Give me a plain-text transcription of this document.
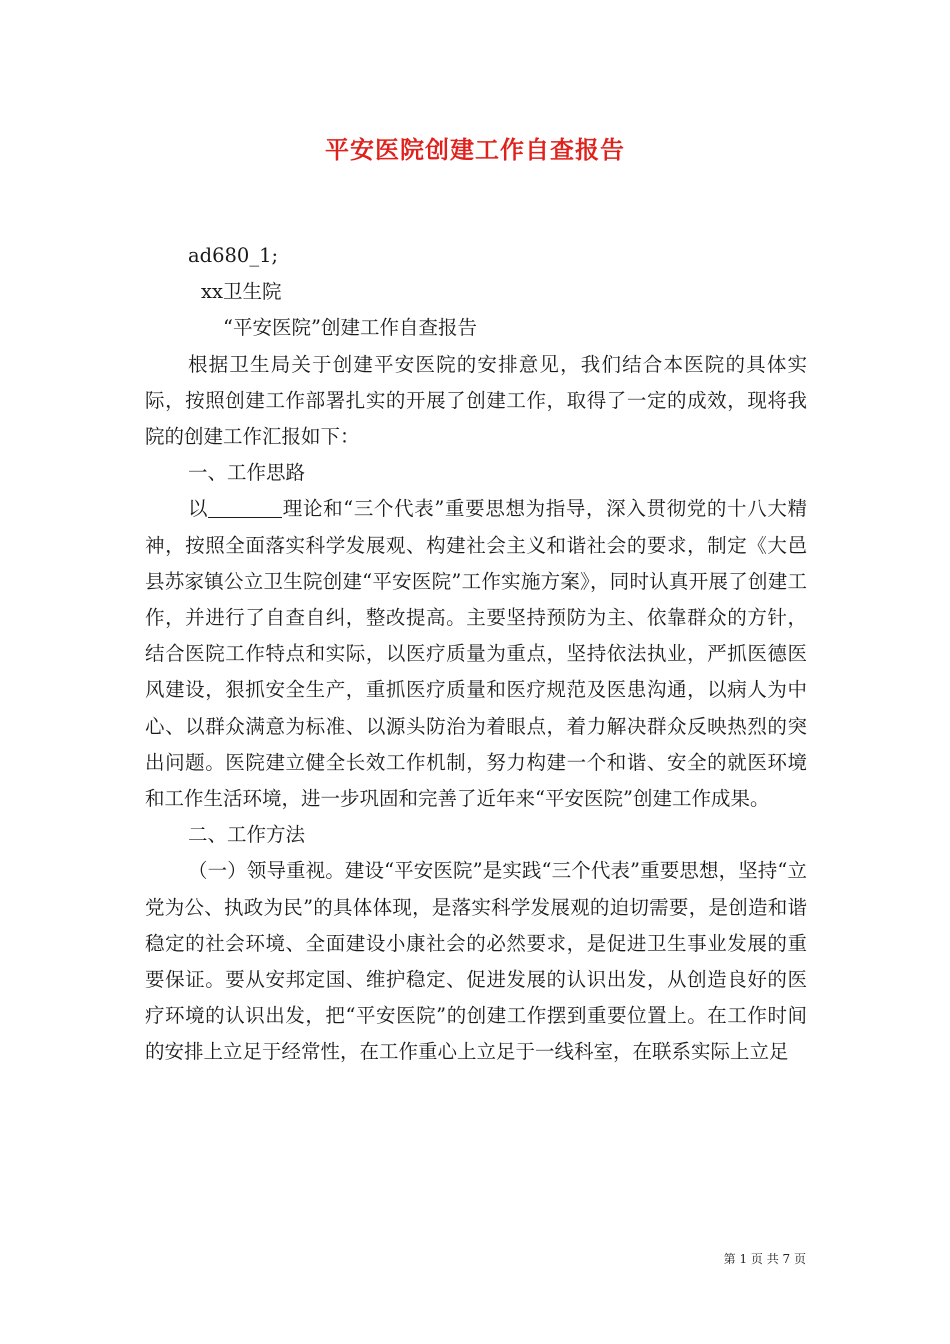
平安医院创建工作自查报告

ad680_1;

xx卫生院

“平安医院”创建工作自查报告

根据卫生局关于创建平安医院的安排意见，我们结合本医院的具体实际，按照创建工作部署扎实的开展了创建工作，取得了一定的成效，现将我院的创建工作汇报如下：

一、工作思路

以	理论和“三个代表”重要思想为指导，深入贯彻党的十八大精神，按照全面落实科学发展观、构建社会主义和谐社会的要求，制定《大邑县苏家镇公立卫生院创建“平安医院”工作实施方案》，同时认真开展了创建工作，并进行了自查自纠，整改提高。主要坚持预防为主、依靠群众的方针，结合医院工作特点和实际，以医疗质量为重点，坚持依法执业，严抓医德医风建设，狠抓安全生产，重抓医疗质量和医疗规范及医患沟通，以病人为中心、以群众满意为标准、以源头防治为着眼点，着力解决群众反映热烈的突出问题。医院建立健全长效工作机制，努力构建一个和谐、安全的就医环境和工作生活环境，进一步巩固和完善了近年来“平安医院”创建工作成果。

二、工作方法

（一）领导重视。建设“平安医院”是实践“三个代表”重要思想，坚持“立党为公、执政为民”的具体体现，是落实科学发展观的迫切需要，是创造和谐稳定的社会环境、全面建设小康社会的必然要求，是促进卫生事业发展的重要保证。要从安邦定国、维护稳定、促进发展的认识出发，从创造良好的医疗环境的认识出发，把“平安医院”的创建工作摆到重要位置上。在工作时间的安排上立足于经常性，在工作重心上立足于一线科室，在联系实际上立足

第 1 页 共 7 页
